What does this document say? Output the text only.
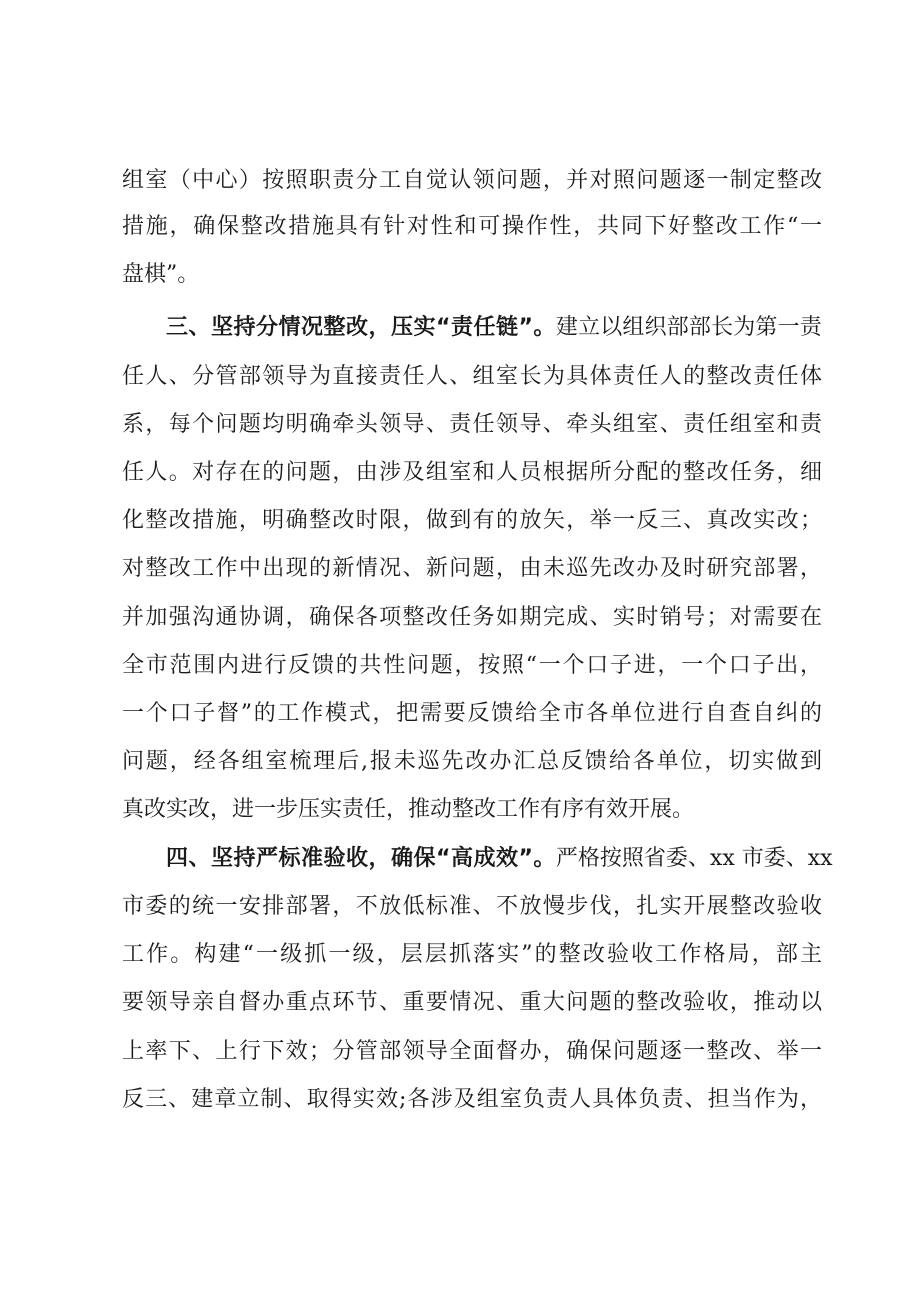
组室（中心）按照职责分工自觉认领问题，并对照问题逐一制定整改
措施，确保整改措施具有针对性和可操作性，共同下好整改工作“一
盘棋”。
三、坚持分情况整改，压实“责任链”。建立以组织部部长为第一责
任人、分管部领导为直接责任人、组室长为具体责任人的整改责任体
系，每个问题均明确牵头领导、责任领导、牵头组室、责任组室和责
任人。对存在的问题，由涉及组室和人员根据所分配的整改任务，细
化整改措施，明确整改时限，做到有的放矢，举一反三、真改实改；
对整改工作中出现的新情况、新问题，由未巡先改办及时研究部署，
并加强沟通协调，确保各项整改任务如期完成、实时销号；对需要在
全市范围内进行反馈的共性问题，按照“一个口子进，一个口子出，
一个口子督”的工作模式，把需要反馈给全市各单位进行自查自纠的
问题，经各组室梳理后,报未巡先改办汇总反馈给各单位，切实做到
真改实改，进一步压实责任，推动整改工作有序有效开展。
四、坚持严标准验收，确保“高成效”。严格按照省委、xx 市委、xx
市委的统一安排部署，不放低标准、不放慢步伐，扎实开展整改验收
工作。构建“一级抓一级，层层抓落实”的整改验收工作格局，部主
要领导亲自督办重点环节、重要情况、重大问题的整改验收，推动以
上率下、上行下效；分管部领导全面督办，确保问题逐一整改、举一
反三、建章立制、取得实效;各涉及组室负责人具体负责、担当作为，
